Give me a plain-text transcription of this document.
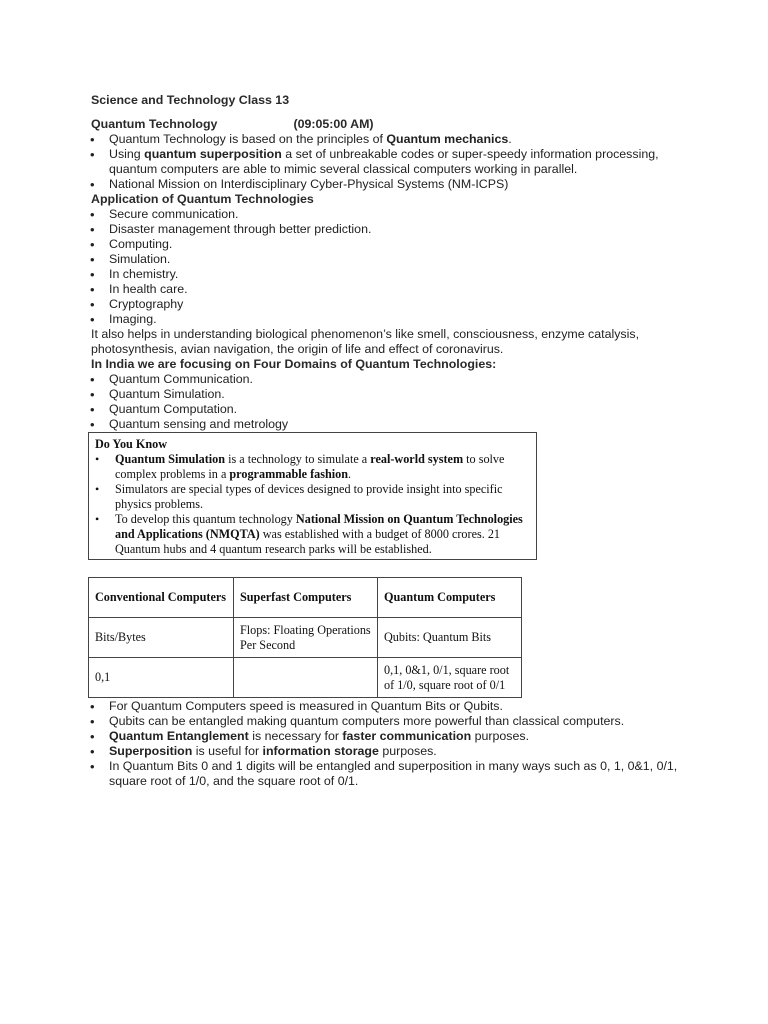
Science and Technology Class 13
Quantum Technology	(09:05:00 AM)
• Quantum Technology is based on the principles of Quantum mechanics.
• Using quantum superposition a set of unbreakable codes or super-speedy information processing, quantum computers are able to mimic several classical computers working in parallel.
• National Mission on Interdisciplinary Cyber-Physical Systems (NM-ICPS)
Application of Quantum Technologies
• Secure communication.
• Disaster management through better prediction.
• Computing.
• Simulation.
• In chemistry.
• In health care.
• Cryptography
• Imaging.
It also helps in understanding biological phenomenon’s like smell, consciousness, enzyme catalysis, photosynthesis, avian navigation, the origin of life and effect of coronavirus.
In India we are focusing on Four Domains of Quantum Technologies:
• Quantum Communication.
• Quantum Simulation.
• Quantum Computation.
• Quantum sensing and metrology
Do You Know
• Quantum Simulation is a technology to simulate a real-world system to solve complex problems in a programmable fashion.
• Simulators are special types of devices designed to provide insight into specific physics problems.
• To develop this quantum technology National Mission on Quantum Technologies and Applications (NMQTA) was established with a budget of 8000 crores. 21 Quantum hubs and 4 quantum research parks will be established.
Conventional Computers	Superfast Computers	Quantum Computers
Bits/Bytes	Flops: Floating Operations Per Second	Qubits: Quantum Bits
0,1		0,1, 0&1, 0/1, square root of 1/0, square root of 0/1
• For Quantum Computers speed is measured in Quantum Bits or Qubits.
• Qubits can be entangled making quantum computers more powerful than classical computers.
• Quantum Entanglement is necessary for faster communication purposes.
• Superposition is useful for information storage purposes.
• In Quantum Bits 0 and 1 digits will be entangled and superposition in many ways such as 0, 1, 0&1, 0/1, square root of 1/0, and the square root of 0/1.
